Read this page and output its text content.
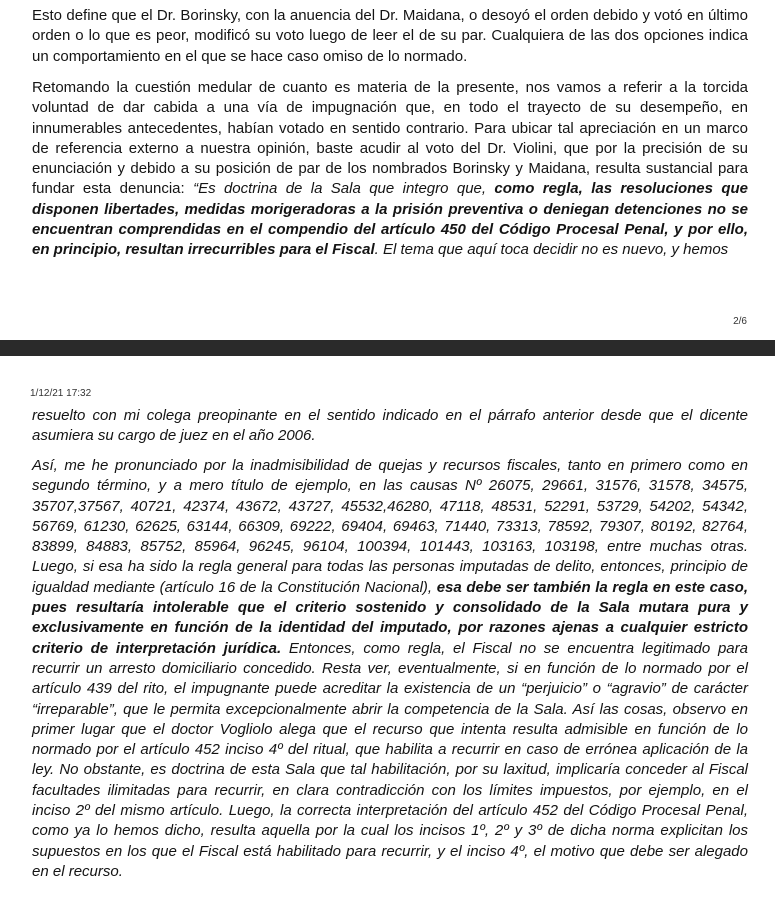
Esto define que el Dr. Borinsky, con la anuencia del Dr. Maidana, o desoyó el orden debido y votó en último orden o lo que es peor, modificó su voto luego de leer el de su par. Cualquiera de las dos opciones indica un comportamiento en el que se hace caso omiso de lo normado.

Retomando la cuestión medular de cuanto es materia de la presente, nos vamos a referir a la torcida voluntad de dar cabida a una vía de impugnación que, en todo el trayecto de su desempeño, en innumerables antecedentes, habían votado en sentido contrario. Para ubicar tal apreciación en un marco de referencia externo a nuestra opinión, baste acudir al voto del Dr. Violini, que por la precisión de su enunciación y debido a su posición de par de los nombrados Borinsky y Maidana, resulta sustancial para fundar esta denuncia: “Es doctrina de la Sala que integro que, como regla, las resoluciones que disponen libertades, medidas morigeradoras a la prisión preventiva o deniegan detenciones no se encuentran comprendidas en el compendio del artículo 450 del Código Procesal Penal, y por ello, en principio, resultan irrecurribles para el Fiscal. El tema que aquí toca decidir no es nuevo, y hemos

2/6
1/12/21 17:32

resuelto con mi colega preopinante en el sentido indicado en el párrafo anterior desde que el dicente asumiera su cargo de juez en el año 2006.

Así, me he pronunciado por la inadmisibilidad de quejas y recursos fiscales, tanto en primero como en segundo término, y a mero título de ejemplo, en las causas Nº 26075, 29661, 31576, 31578, 34575, 35707,37567, 40721, 42374, 43672, 43727, 45532,46280, 47118, 48531, 52291, 53729, 54202, 54342, 56769, 61230, 62625, 63144, 66309, 69222, 69404, 69463, 71440, 73313, 78592, 79307, 80192, 82764, 83899, 84883, 85752, 85964, 96245, 96104, 100394, 101443, 103163, 103198, entre muchas otras. Luego, si esa ha sido la regla general para todas las personas imputadas de delito, entonces, principio de igualdad mediante (artículo 16 de la Constitución Nacional), esa debe ser también la regla en este caso, pues resultaría intolerable que el criterio sostenido y consolidado de la Sala mutara pura y exclusivamente en función de la identidad del imputado, por razones ajenas a cualquier estricto criterio de interpretación jurídica. Entonces, como regla, el Fiscal no se encuentra legitimado para recurrir un arresto domiciliario concedido. Resta ver, eventualmente, si en función de lo normado por el artículo 439 del rito, el impugnante puede acreditar la existencia de un “perjuicio” o “agravio” de carácter “irreparable”, que le permita excepcionalmente abrir la competencia de la Sala. Así las cosas, observo en primer lugar que el doctor Vogliolo alega que el recurso que intenta resulta admisible en función de lo normado por el artículo 452 inciso 4º del ritual, que habilita a recurrir en caso de errónea aplicación de la ley. No obstante, es doctrina de esta Sala que tal habilitación, por su laxitud, implicaría conceder al Fiscal facultades ilimitadas para recurrir, en clara contradicción con los límites impuestos, por ejemplo, en el inciso 2º del mismo artículo. Luego, la correcta interpretación del artículo 452 del Código Procesal Penal, como ya lo hemos dicho, resulta aquella por la cual los incisos 1º, 2º y 3º de dicha norma explicitan los supuestos en los que el Fiscal está habilitado para recurrir, y el inciso 4º, el motivo que debe ser alegado en el recurso.
